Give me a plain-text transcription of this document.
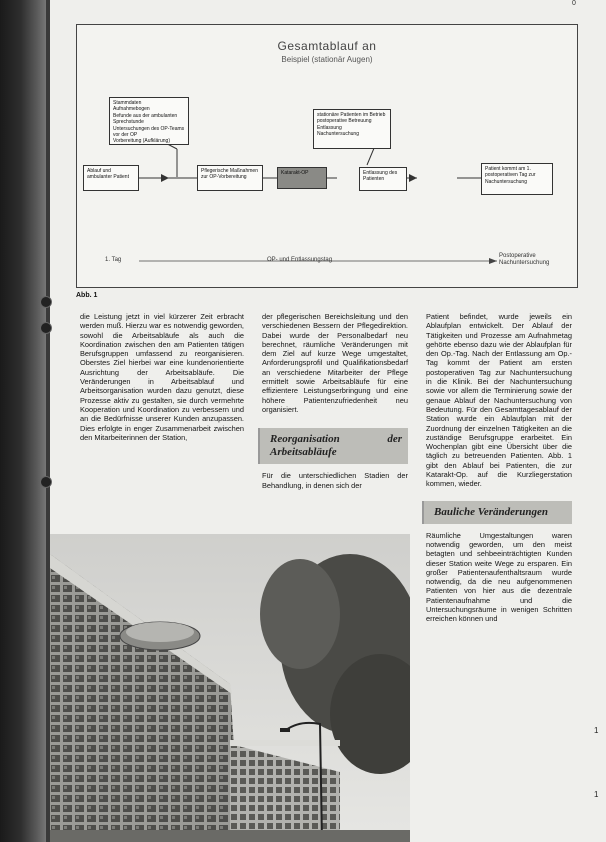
0
Gesamtablauf an
Beispiel (stationär Augen)
Stammdaten
Aufnahmebogen
Befunde aus der ambulanten Sprechstunde
Untersuchungen des OP-Teams vor der OP
Vorbereitung (Aufklärung)
stationäre Patienten im Betrieb
postoperative Betreuung
Entlassung
Nachuntersuchung
Ablauf und ambulanter Patient
Pflegerische Maßnahmen zur OP-Vorbereitung
Katarakt-OP	Entlassung des Patienten
Patient kommt am 1. postoperativen Tag zur Nachuntersuchung
1. Tag	OP- und Entlassungstag
Postoperative Nachuntersuchung
Abb. 1

die Leistung jetzt in viel kürzerer Zeit erbracht werden muß. Hierzu war es notwendig geworden, sowohl die Arbeitsabläufe als auch die Koordination zwischen den am Patienten tätigen Berufsgruppen umfassend zu reorganisieren. Oberstes Ziel hierbei war eine kundenorientierte Ausrichtung der Arbeitsabläufe. Die Veränderungen in Arbeitsablauf und Arbeitsorganisation wurden dazu genutzt, diese Prozesse aktiv zu gestalten, sie durch vermehrte Kooperation und Koordination zu verbessern und an die Bedürfnisse unserer Kunden anzupassen. Dies erfolgte in enger Zusammenarbeit zwischen den Mitarbeiterinnen der Station,

der pflegerischen Bereichsleitung und den verschiedenen Bessern der Pflegedirektion. Dabei wurde der Personalbedarf neu berechnet, räumliche Veränderungen mit dem Ziel auf kurze Wege umgestaltet, Anforderungsprofil und Qualifikationsbedarf an verschiedene Mitarbeiter der Pflege ermittelt sowie Arbeitsabläufe für eine effizientere Leistungserbringung und eine höhere Patientenzufriedenheit neu organisiert.

Reorganisation der Arbeitsabläufe

Für die unterschiedlichen Stadien der Behandlung, in denen sich der

Patient befindet, wurde jeweils ein Ablaufplan entwickelt. Der Ablauf der Tätigkeiten und Prozesse am Aufnahmetag gehörte ebenso dazu wie der Ablaufplan für den Op.-Tag. Nach der Entlassung am Op.-Tag kommt der Patient am ersten postoperativen Tag zur Nachuntersuchung in die Klinik. Bei der Nachuntersuchung sowie vor allem die Terminierung sowie der genaue Ablauf der Nachuntersuchung von Bedeutung. Für den Gesamttagesablauf der Station wurde ein Ablaufplan mit der Zuordnung der einzelnen Tätigkeiten an die zuständige Berufsgruppe erarbeitet. Ein Wochenplan gibt eine Übersicht über die täglich zu betreuenden Patienten. Abb. 1 gibt den Ablauf bei Patienten, die zur Katarakt-Op. auf die Kurzliegerstation kommen, wieder.

Bauliche Veränderungen

Räumliche Umgestaltungen waren notwendig geworden, um den meist betagten und sehbeeinträchtigten Kunden dieser Station weite Wege zu ersparen. Ein großer Patientenaufenthaltsraum wurde notwendig, da die neu aufgenommenen Patienten von hier aus die dezentrale Patientenaufnahme und die Untersuchungsräume in wenigen Schritten erreichen können und

1
1
